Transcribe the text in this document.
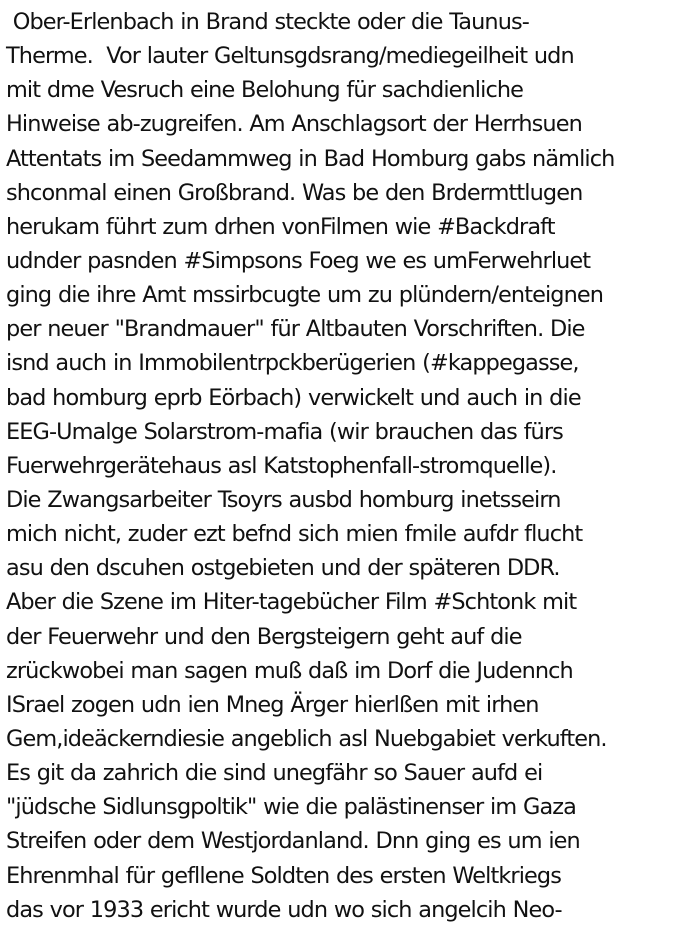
Ober-Erlenbach in Brand steckte oder die Taunus-
Therme.  Vor lauter Geltunsgdsrang/mediegeilheit udn
mit dme Vesruch eine Belohung für sachdienliche
Hinweise ab-zugreifen. Am Anschlagsort der Herrhsuen
Attentats im Seedammweg in Bad Homburg gabs nämlich
shconmal einen Großbrand. Was be den Brdermttlugen
herukam führt zum drhen vonFilmen wie #Backdraft
udnder pasnden #Simpsons Foeg we es umFerwehrluet
ging die ihre Amt mssirbcugte um zu plündern/enteignen
per neuer "Brandmauer" für Altbauten Vorschriften. Die
isnd auch in Immobilentrpckberügerien (#kappegasse,
bad homburg eprb Eörbach) verwickelt und auch in die
EEG-Umalge Solarstrom-mafia (wir brauchen das fürs
Fuerwehrgerätehaus asl Katstophenfall-stromquelle).
Die Zwangsarbeiter Tsoyrs ausbd homburg inetsseirn
mich nicht, zuder ezt befnd sich mien fmile aufdr flucht
asu den dscuhen ostgebieten und der späteren DDR.
Aber die Szene im Hiter-tagebücher Film #Schtonk mit
der Feuerwehr und den Bergsteigern geht auf die
zrückwobei man sagen muß daß im Dorf die Judennch
ISrael zogen udn ien Mneg Ärger hierlßen mit irhen
Gem,ideäckerndiesie angeblich asl Nuebgabiet verkuften.
Es git da zahrich die sind unegfähr so Sauer aufd ei
"jüdsche Sidlunsgpoltik" wie die palästinenser im Gaza
Streifen oder dem Westjordanland. Dnn ging es um ien
Ehrenmhal für gefllene Soldten des ersten Weltkriegs
das vor 1933 ericht wurde udn wo sich angelcih Neo-
